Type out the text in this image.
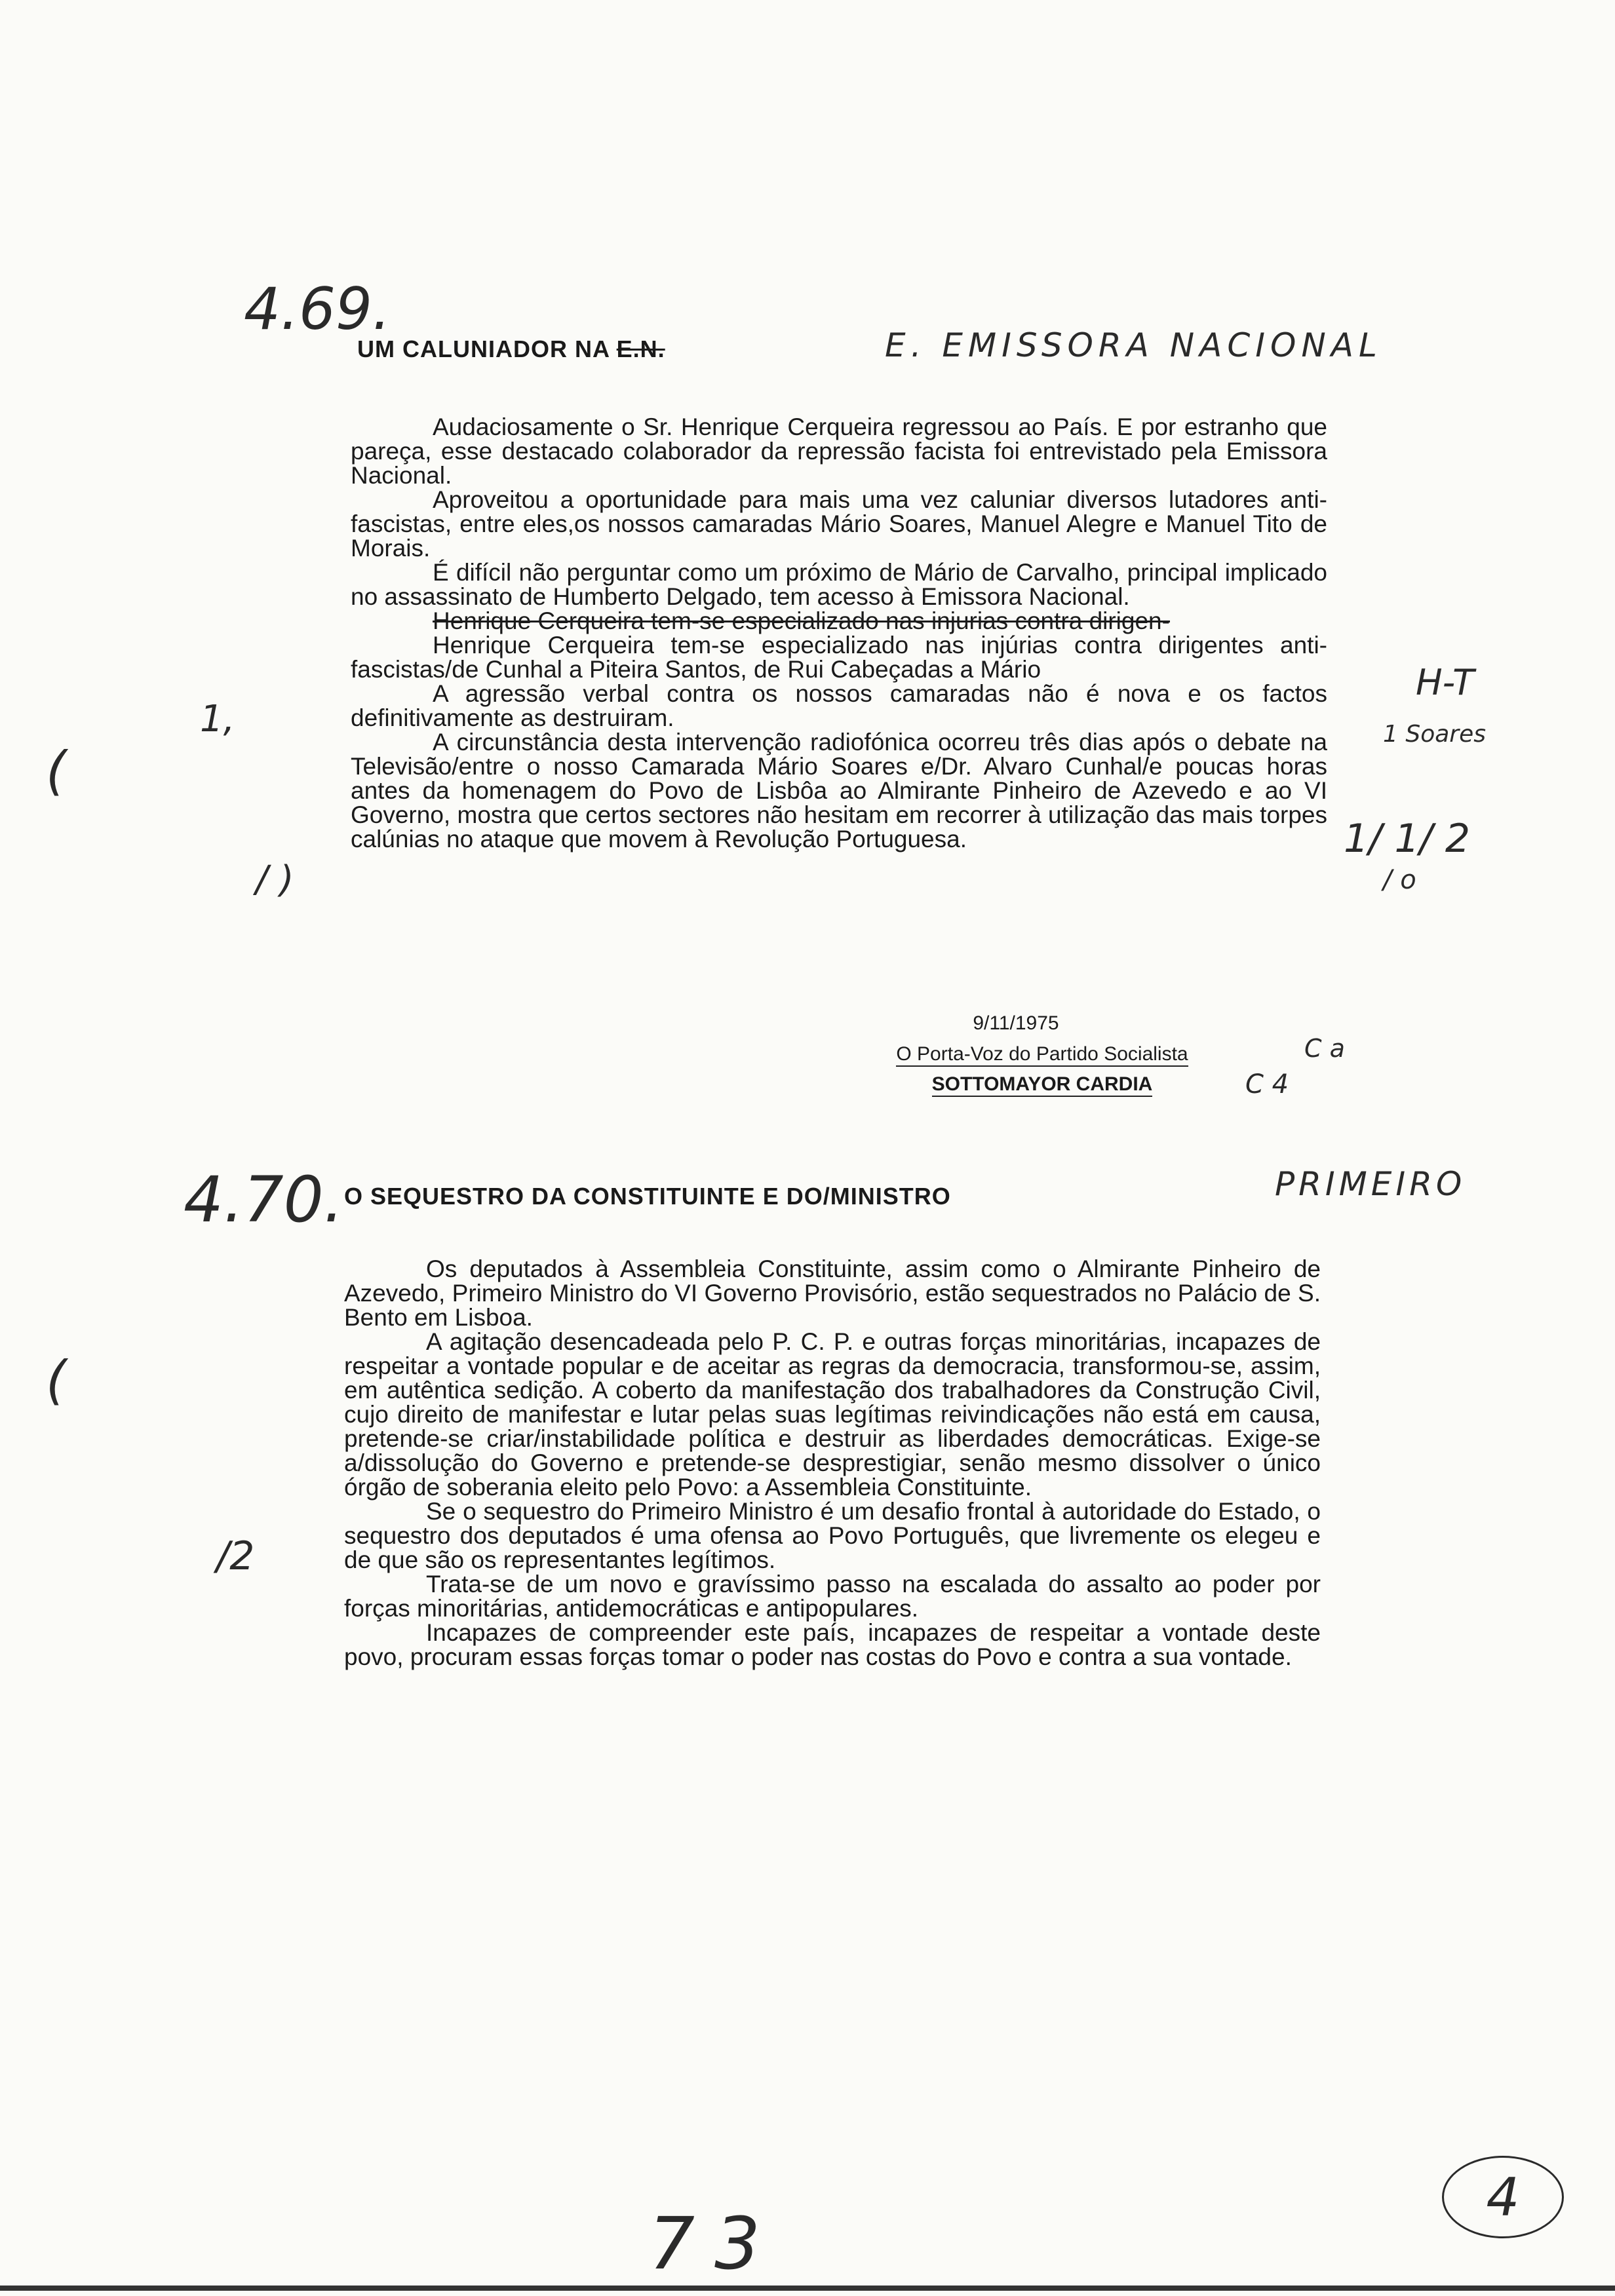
4.69.
UM CALUNIADOR NA E.N.	E. EMISSORA NACIONAL

Audaciosamente o Sr. Henrique Cerqueira regressou ao País. E por estranho que pareça, esse destacado colaborador da repressão facista foi entrevistado pela Emissora Nacional.

Aproveitou a oportunidade para mais uma vez caluniar diversos lutadores anti-fascistas, entre eles,os nossos camaradas Mário Soares, Manuel Alegre e Manuel Tito de Morais.

É difícil não perguntar como um próximo de Mário de Carvalho, principal implicado no assassinato de Humberto Delgado, tem acesso à Emissora Nacional.

Henrique Cerqueira tem-se especializado nas injurias contra dirigen-

Henrique Cerqueira tem-se especializado nas injúrias contra dirigentes anti-fascistas/de Cunhal a Piteira Santos, de Rui Cabeçadas a Mário

A agressão verbal contra os nossos camaradas não é nova e os factos definitivamente as destruiram.

A circunstância desta intervenção radiofónica ocorreu três dias após o debate na Televisão/entre o nosso Camarada Mário Soares e/Dr. Alvaro Cunhal/e poucas horas antes da homenagem do Povo de Lisbôa ao Almirante Pinheiro de Azevedo e ao VI Governo, mostra que certos sectores não hesitam em recorrer à utilização das mais torpes calúnias no ataque que movem à Revolução Portuguesa.

H-T
1 Soares
1/ 1/ 2
/ o
1,
/ )
(
9/11/1975
O Porta-Voz do Partido Socialista
SOTTOMAYOR CARDIA
C a
C 4
4.70. O SEQUESTRO DA CONSTITUINTE E DO/MINISTRO	PRIMEIRO

Os deputados à Assembleia Constituinte, assim como o Almirante Pinheiro de Azevedo, Primeiro Ministro do VI Governo Provisório, estão sequestrados no Palácio de S. Bento em Lisboa.

A agitação desencadeada pelo P. C. P. e outras forças minoritárias, incapazes de respeitar a vontade popular e de aceitar as regras da democracia, transformou-se, assim, em autêntica sedição. A coberto da manifestação dos trabalhadores da Construção Civil, cujo direito de manifestar e lutar pelas suas legítimas reivindicações não está em causa, pretende-se criar/instabilidade política e destruir as liberdades democráticas. Exige-se a/dissolução do Governo e pretende-se desprestigiar, senão mesmo dissolver o único órgão de soberania eleito pelo Povo: a Assembleia Constituinte.

Se o sequestro do Primeiro Ministro é um desafio frontal à autoridade do Estado, o sequestro dos deputados é uma ofensa ao Povo Português, que livremente os elegeu e de que são os representantes legítimos.

Trata-se de um novo e gravíssimo passo na escalada do assalto ao poder por forças minoritárias, antidemocráticas e antipopulares.

Incapazes de compreender este país, incapazes de respeitar a vontade deste povo, procuram essas forças tomar o poder nas costas do Povo e contra a sua vontade.

(
/2
73
4
